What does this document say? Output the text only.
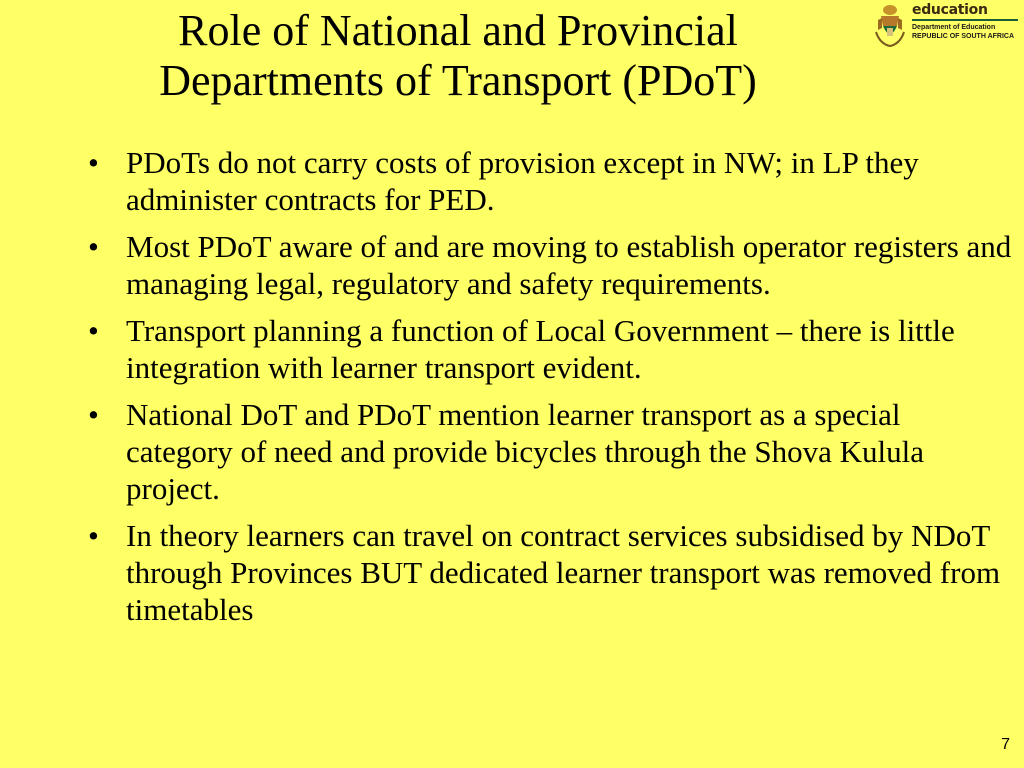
Role of National and Provincial
Departments of Transport (PDoT)
education
Department of Education
REPUBLIC OF SOUTH AFRICA
• PDoTs do not carry costs of provision except in NW; in LP they administer contracts for PED.
• Most PDoT aware of and are moving to establish operator registers and managing legal, regulatory and safety requirements.
• Transport planning a function of Local Government – there is little integration with learner transport evident.
• National DoT and PDoT mention learner transport as a special category of need and provide bicycles through the Shova Kulula project.
• In theory learners can travel on contract services subsidised by NDoT through Provinces BUT dedicated learner transport was removed from timetables
7
